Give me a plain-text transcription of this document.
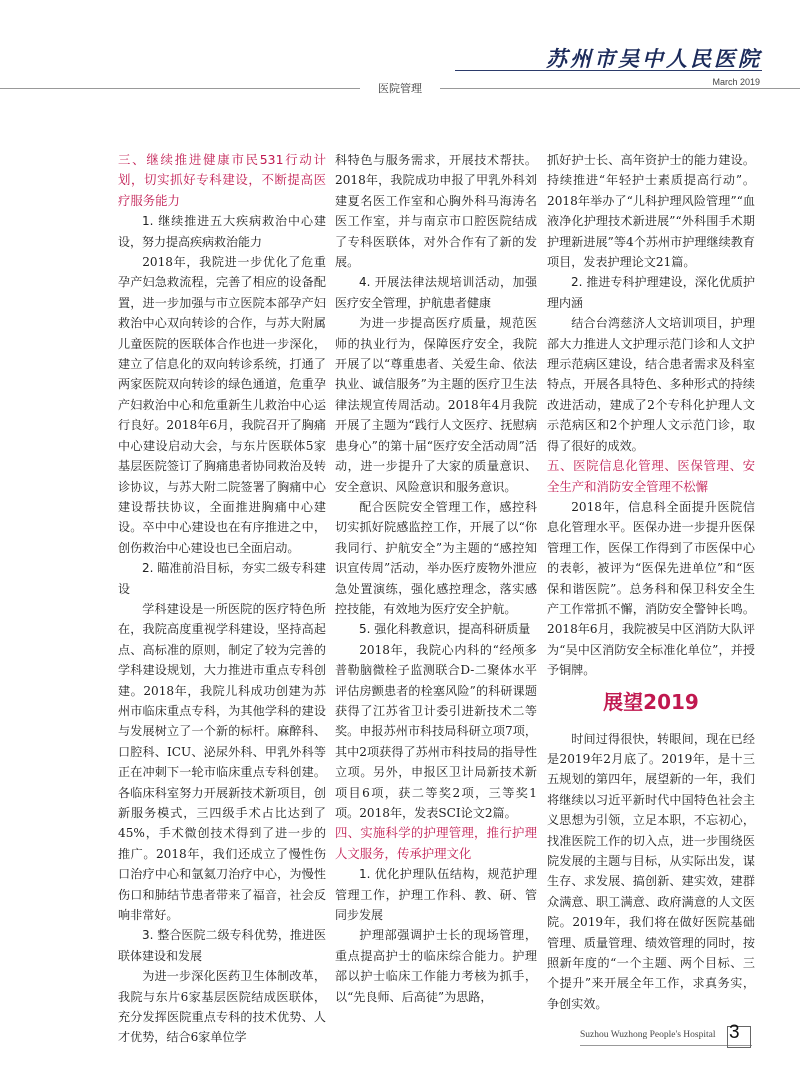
苏州市吴中人民医院
March 2019
医院管理
三、继续推进健康市民531行动计划，切实抓好专科建设，不断提高医疗服务能力
1. 继续推进五大疾病救治中心建设，努力提高疾病救治能力

2018年，我院进一步优化了危重孕产妇急救流程，完善了相应的设备配置，进一步加强与市立医院本部孕产妇救治中心双向转诊的合作，与苏大附属儿童医院的医联体合作也进一步深化，建立了信息化的双向转诊系统，打通了两家医院双向转诊的绿色通道，危重孕产妇救治中心和危重新生儿救治中心运行良好。2018年6月，我院召开了胸痛中心建设启动大会，与东片医联体5家基层医院签订了胸痛患者协同救治及转诊协议，与苏大附二院签署了胸痛中心建设帮扶协议，全面推进胸痛中心建设。卒中中心建设也在有序推进之中，创伤救治中心建设也已全面启动。

2. 瞄准前沿目标，夯实二级专科建设

学科建设是一所医院的医疗特色所在，我院高度重视学科建设，坚持高起点、高标准的原则，制定了较为完善的学科建设规划，大力推进市重点专科创建。2018年，我院儿科成功创建为苏州市临床重点专科，为其他学科的建设与发展树立了一个新的标杆。麻醉科、口腔科、ICU、泌尿外科、甲乳外科等正在冲刺下一轮市临床重点专科创建。各临床科室努力开展新技术新项目，创新服务模式，三四级手术占比达到了45%，手术微创技术得到了进一步的推广。2018年，我们还成立了慢性伤口治疗中心和氩氦刀治疗中心，为慢性伤口和肺结节患者带来了福音，社会反响非常好。

3. 整合医院二级专科优势，推进医联体建设和发展

为进一步深化医药卫生体制改革，我院与东片6家基层医院结成医联体，充分发挥医院重点专科的技术优势、人才优势，结合6家单位学

科特色与服务需求，开展技术帮扶。2018年，我院成功申报了甲乳外科刘建夏名医工作室和心胸外科马海涛名医工作室，并与南京市口腔医院结成了专科医联体，对外合作有了新的发展。

4. 开展法律法规培训活动，加强医疗安全管理，护航患者健康

为进一步提高医疗质量，规范医师的执业行为，保障医疗安全，我院开展了以“尊重患者、关爱生命、依法执业、诚信服务”为主题的医疗卫生法律法规宣传周活动。2018年4月我院开展了主题为“践行人文医疗、抚慰病患身心”的第十届“医疗安全活动周”活动，进一步提升了大家的质量意识、安全意识、风险意识和服务意识。

配合医院安全管理工作，感控科切实抓好院感监控工作，开展了以“你我同行、护航安全”为主题的“感控知识宣传周”活动，举办医疗废物外泄应急处置演练，强化感控理念，落实感控技能，有效地为医疗安全护航。

5. 强化科教意识，提高科研质量

2018年，我院心内科的“经颅多普勒脑微栓子监测联合D-二聚体水平评估房颤患者的栓塞风险”的科研课题获得了江苏省卫计委引进新技术二等奖。申报苏州市科技局科研立项7项，其中2项获得了苏州市科技局的指导性立项。另外，申报区卫计局新技术新项目6项，获二等奖2项，三等奖1项。2018年，发表SCI论文2篇。

四、实施科学的护理管理，推行护理人文服务，传承护理文化
1. 优化护理队伍结构，规范护理管理工作，护理工作科、教、研、管同步发展

护理部强调护士长的现场管理，重点提高护士的临床综合能力。护理部以护士临床工作能力考核为抓手，以“先良师、后高徒”为思路，

抓好护士长、高年资护士的能力建设。持续推进“年轻护士素质提高行动”。2018年举办了“儿科护理风险管理”“血液净化护理技术新进展”“外科围手术期护理新进展”等4个苏州市护理继续教育项目，发表护理论文21篇。

2. 推进专科护理建设，深化优质护理内涵

结合台湾慈济人文培训项目，护理部大力推进人文护理示范门诊和人文护理示范病区建设，结合患者需求及科室特点，开展各具特色、多种形式的持续改进活动，建成了2个专科化护理人文示范病区和2个护理人文示范门诊，取得了很好的成效。

五、医院信息化管理、医保管理、安全生产和消防安全管理不松懈

2018年，信息科全面提升医院信息化管理水平。医保办进一步提升医保管理工作，医保工作得到了市医保中心的表彰，被评为“医保先进单位”和“医保和谐医院”。总务科和保卫科安全生产工作常抓不懈，消防安全警钟长鸣。2018年6月，我院被吴中区消防大队评为“吴中区消防安全标准化单位”，并授予铜牌。

展望2019

时间过得很快，转眼间，现在已经是2019年2月底了。2019年，是十三五规划的第四年，展望新的一年，我们将继续以习近平新时代中国特色社会主义思想为引领，立足本职，不忘初心，找准医院工作的切入点，进一步围绕医院发展的主题与目标，从实际出发，谋生存、求发展、搞创新、建实效，建群众满意、职工满意、政府满意的人文医院。2019年，我们将在做好医院基础管理、质量管理、绩效管理的同时，按照新年度的“一个主题、两个目标、三个提升”来开展全年工作，求真务实，争创实效。

Suzhou Wuzhong People's Hospital 3
